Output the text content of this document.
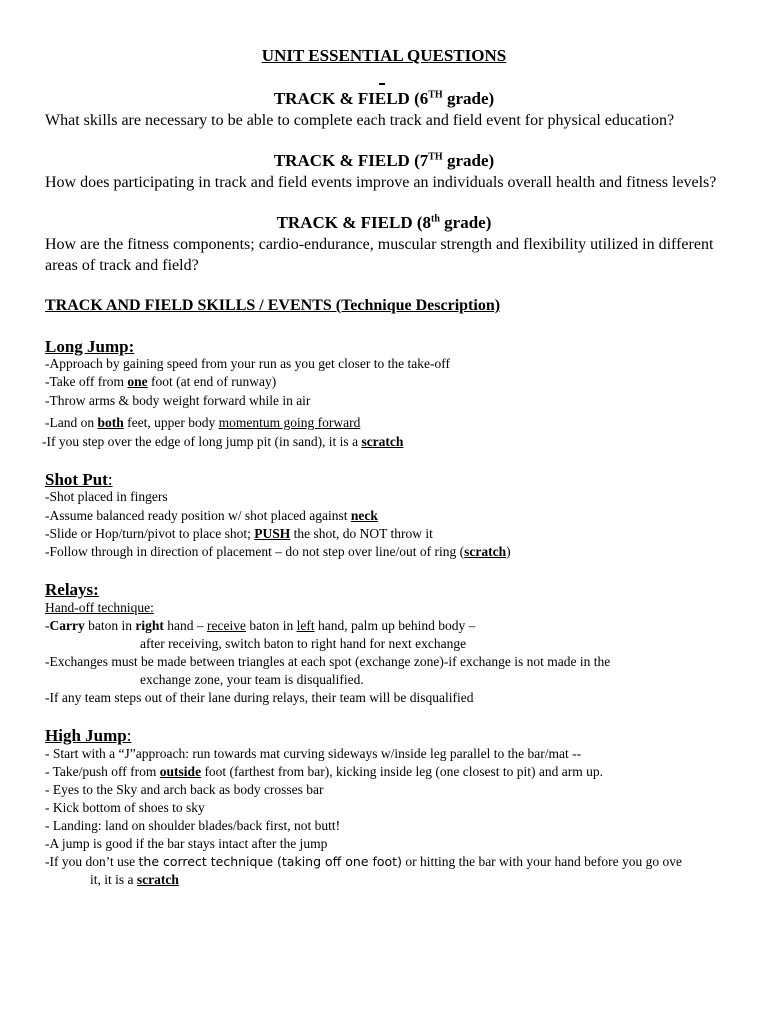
UNIT ESSENTIAL QUESTIONS
TRACK & FIELD (6TH grade)
What skills are necessary to be able to complete each track and field event for physical education?
TRACK & FIELD (7TH grade)
How does participating in track and field events improve an individuals overall health and fitness levels?
TRACK & FIELD (8th grade)
How are the fitness components; cardio-endurance, muscular strength and flexibility utilized in different areas of track and field?
TRACK AND FIELD SKILLS / EVENTS (Technique Description)
Long Jump:
-Approach by gaining speed from your run as you get closer to the take-off
-Take off from one foot (at end of runway)
-Throw arms & body weight forward while in air
-Land on both feet, upper body momentum going forward
-If you step over the edge of long jump pit (in sand), it is a scratch
Shot Put:
-Shot placed in fingers
-Assume balanced ready position w/ shot placed against neck
-Slide or Hop/turn/pivot to place shot; PUSH the shot, do NOT throw it
-Follow through in direction of placement – do not step over line/out of ring (scratch)
Relays:
Hand-off technique:
-Carry baton in right hand – receive baton in left hand, palm up behind body –
after receiving, switch baton to right hand for next exchange
-Exchanges must be made between triangles at each spot (exchange zone)-if exchange is not made in the
exchange zone, your team is disqualified.
-If any team steps out of their lane during relays, their team will be disqualified
High Jump:
- Start with a “J”approach: run towards mat curving sideways w/inside leg parallel to the bar/mat --
- Take/push off from outside foot (farthest from bar), kicking inside leg (one closest to pit) and arm up.
- Eyes to the Sky and arch back as body crosses bar
- Kick bottom of shoes to sky
- Landing: land on shoulder blades/back first, not butt!
-A jump is good if the bar stays intact after the jump
-If you don’t use the correct technique (taking off one foot) or hitting the bar with your hand before you go ove
it, it is a scratch
